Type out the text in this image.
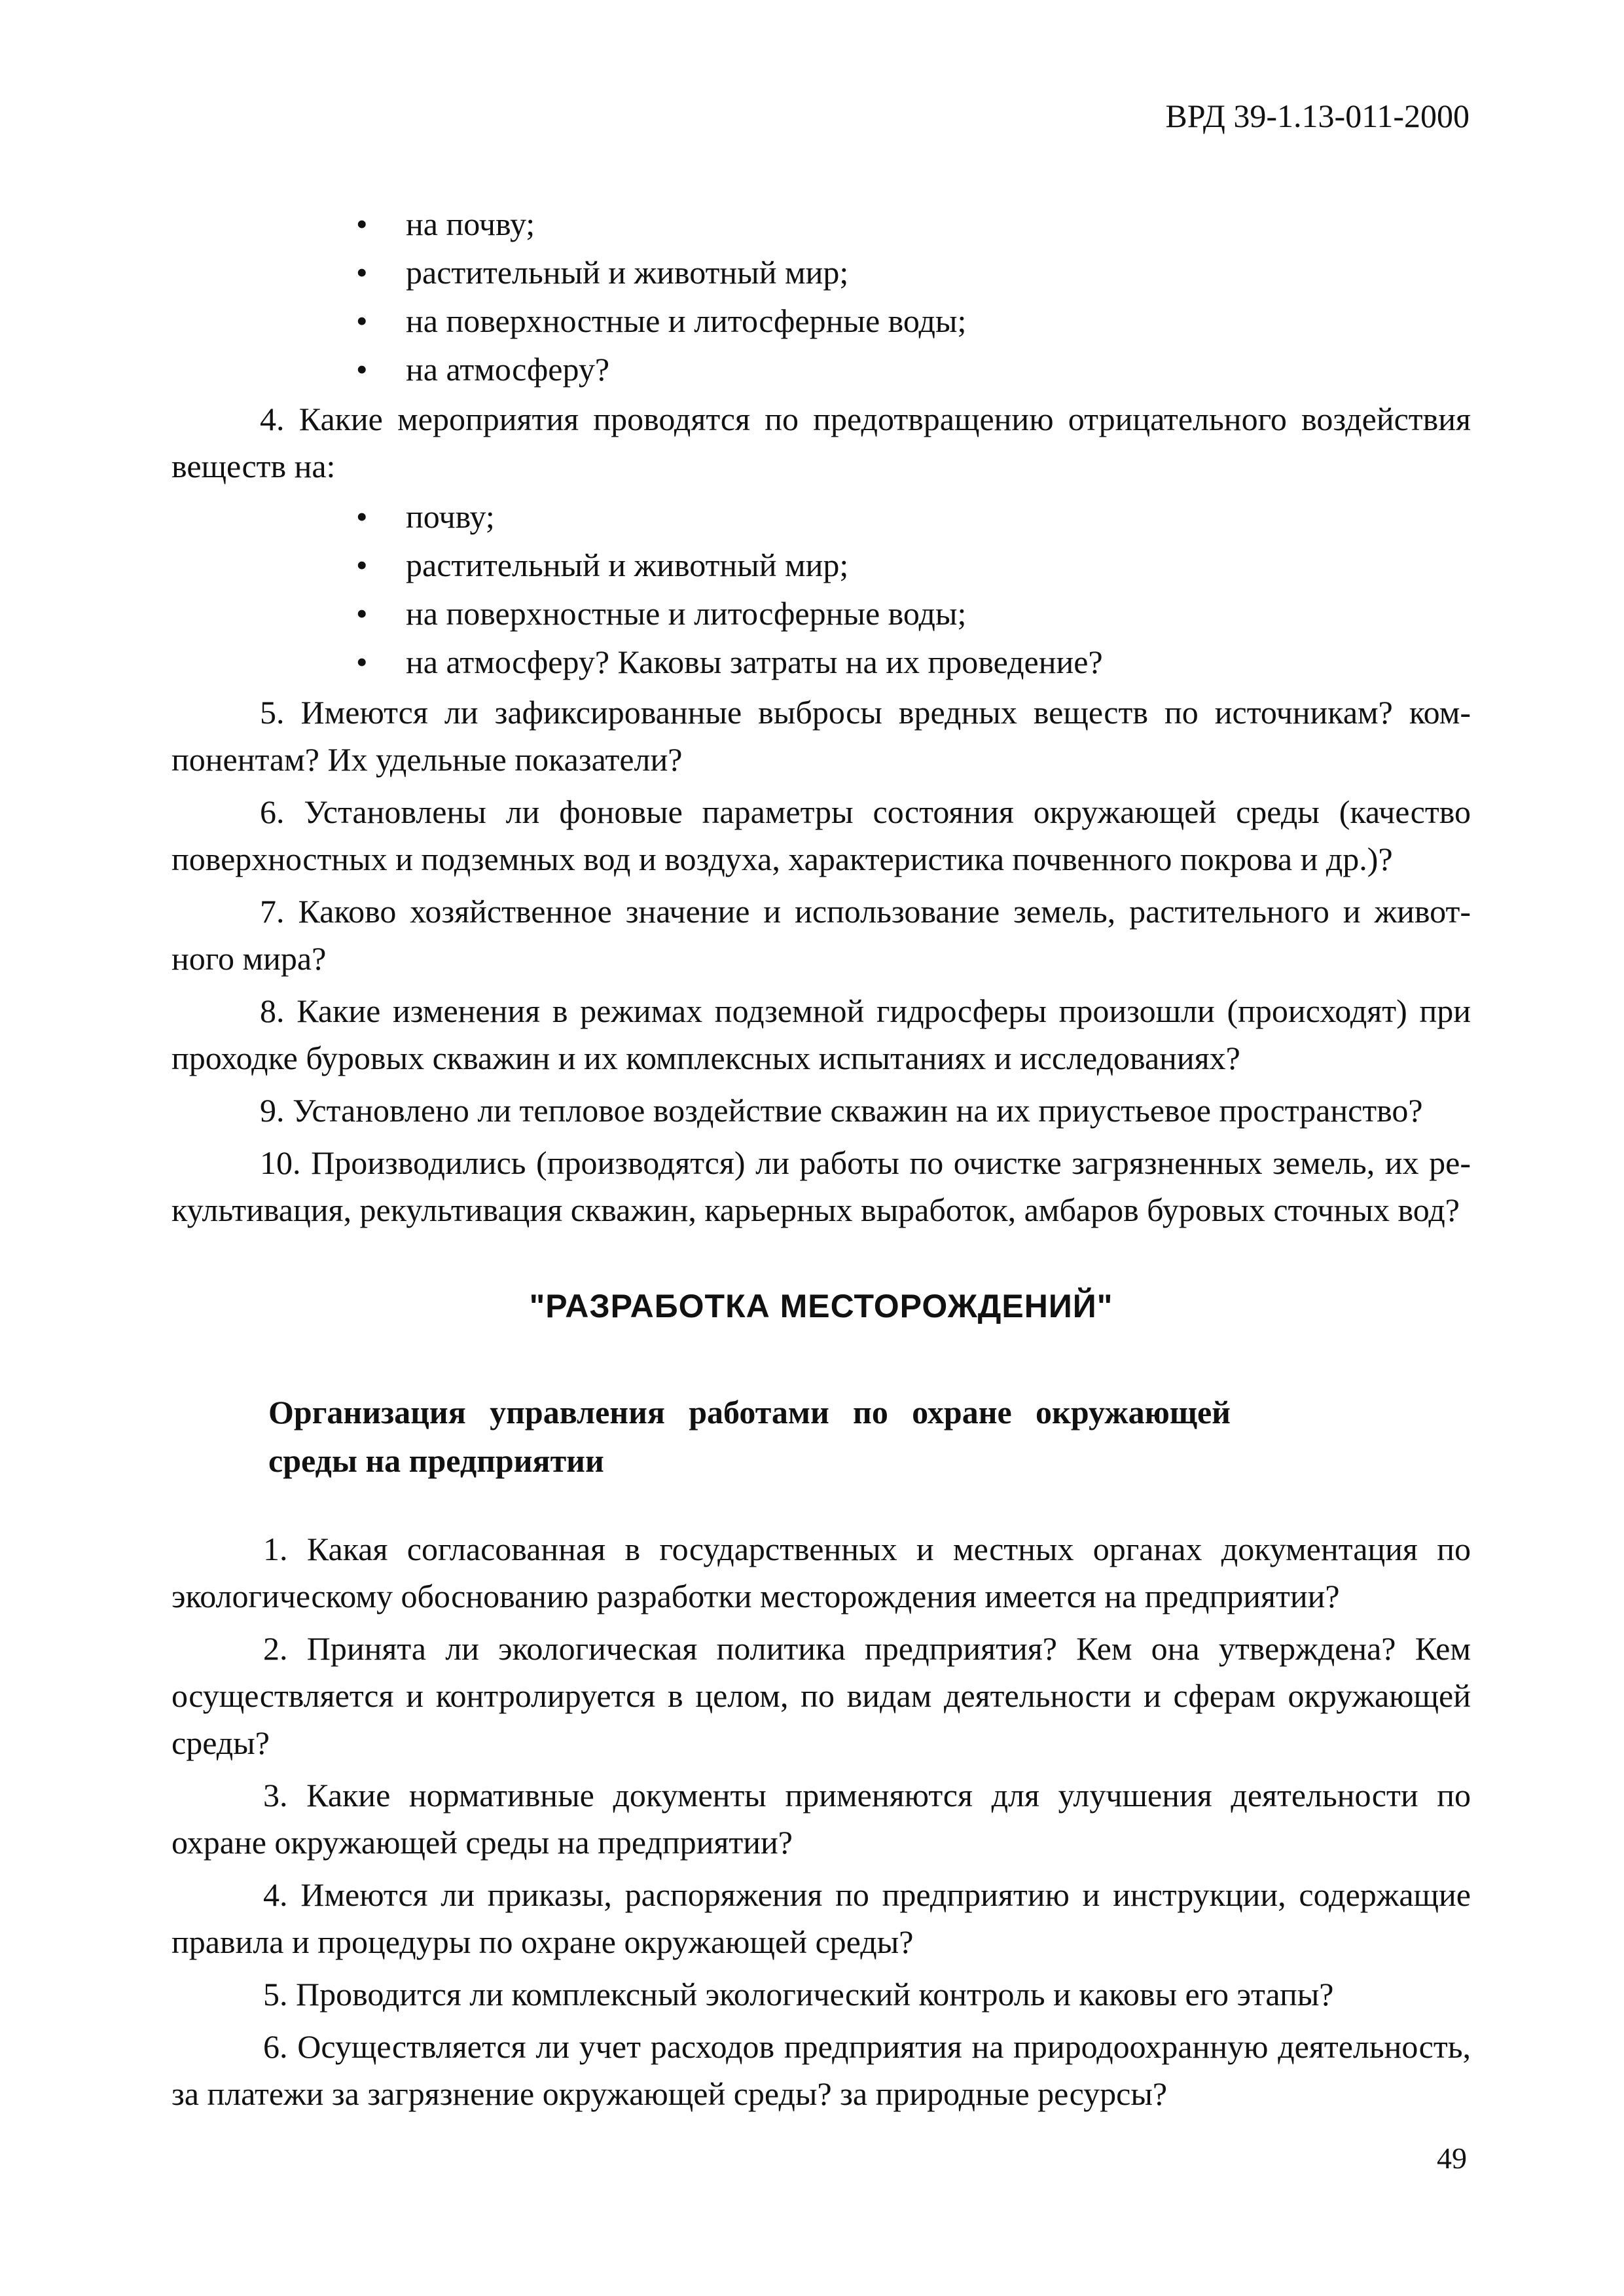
ВРД 39-1.13-011-2000
• на почву;
• растительный и животный мир;
• на поверхностные и литосферные воды;
• на атмосферу?

4. Какие мероприятия проводятся по предотвращению отрицательного воздействия веществ на:

• почву;
• растительный и животный мир;
• на поверхностные и литосферные воды;
• на атмосферу? Каковы затраты на их проведение?

5. Имеются ли зафиксированные выбросы вредных веществ по источникам? компонентам? Их удельные показатели?

6. Установлены ли фоновые параметры состояния окружающей среды (качество поверхностных и подземных вод и воздуха, характеристика почвенного покрова и др.)?

7. Каково хозяйственное значение и использование земель, растительного и животного мира?

8. Какие изменения в режимах подземной гидросферы произошли (происходят) при проходке буровых скважин и их комплексных испытаниях и исследованиях?

9. Установлено ли тепловое воздействие скважин на их приустьевое пространство?

10. Производились (производятся) ли работы по очистке загрязненных земель, их рекультивация, рекультивация скважин, карьерных выработок, амбаров буровых сточных вод?

"РАЗРАБОТКА МЕСТОРОЖДЕНИЙ"
Организация управления работами по охране окружающей среды на предприятии

1. Какая согласованная в государственных и местных органах документация по экологическому обоснованию разработки месторождения имеется на предприятии?

2. Принята ли экологическая политика предприятия? Кем она утверждена? Кем осуществляется и контролируется в целом, по видам деятельности и сферам окружающей среды?

3. Какие нормативные документы применяются для улучшения деятельности по охране окружающей среды на предприятии?

4. Имеются ли приказы, распоряжения по предприятию и инструкции, содержащие правила и процедуры по охране окружающей среды?

5. Проводится ли комплексный экологический контроль и каковы его этапы?

6. Осуществляется ли учет расходов предприятия на природоохранную деятельность, за платежи за загрязнение окружающей среды? за природные ресурсы?

49
